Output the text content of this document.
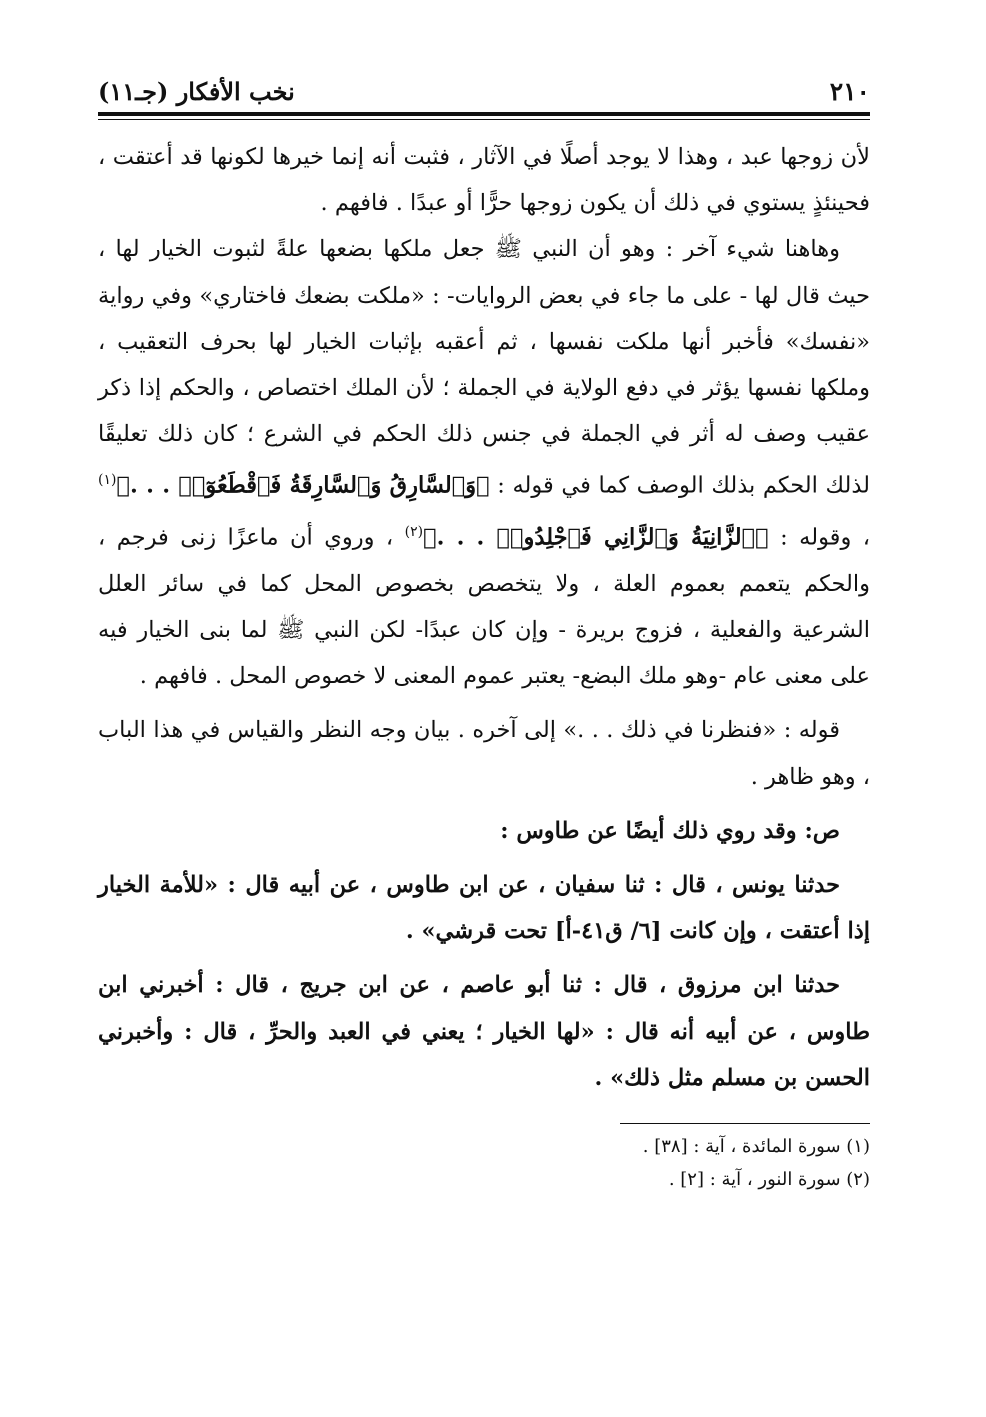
٢١٠
نخب الأفكار (جـ١١)

لأن زوجها عبد ، وهذا لا يوجد أصلًا في الآثار ، فثبت أنه إنما خيرها لكونها قد أعتقت ، فحينئذٍ يستوي في ذلك أن يكون زوجها حرًّا أو عبدًا . فافهم .

وهاهنا شيء آخر : وهو أن النبي ﷺ جعل ملكها بضعها علةً لثبوت الخيار لها ، حيث قال لها - على ما جاء في بعض الروايات- : «ملكت بضعك فاختاري» وفي رواية «نفسك» فأخبر أنها ملكت نفسها ، ثم أعقبه بإثبات الخيار لها بحرف التعقيب ، وملكها نفسها يؤثر في دفع الولاية في الجملة ؛ لأن الملك اختصاص ، والحكم إذا ذكر عقيب وصف له أثر في الجملة في جنس ذلك الحكم في الشرع ؛ كان ذلك تعليقًا لذلك الحكم بذلك الوصف كما في قوله : ﴿وَٱلسَّارِقُ وَٱلسَّارِقَةُ فَٱقْطَعُوٓا۟ . . .﴾$^{(١)}$ ، وقوله : ﴿ٱلزَّانِيَةُ وَٱلزَّانِي فَٱجْلِدُوا۟ . . .﴾$^{(٢)}$ ، وروي أن ماعزًا زنى فرجم ، والحكم يتعمم بعموم العلة ، ولا يتخصص بخصوص المحل كما في سائر العلل الشرعية والفعلية ، فزوج بريرة - وإن كان عبدًا- لكن النبي ﷺ لما بنى الخيار فيه على معنى عام -وهو ملك البضع- يعتبر عموم المعنى لا خصوص المحل . فافهم .

قوله : «فنظرنا في ذلك . . .» إلى آخره . بيان وجه النظر والقياس في هذا الباب ، وهو ظاهر .

ص: وقد روي ذلك أيضًا عن طاوس :

حدثنا يونس ، قال : ثنا سفيان ، عن ابن طاوس ، عن أبيه قال : «للأمة الخيار إذا أعتقت ، وإن كانت [٦/ ق٤١-أ] تحت قرشي» .

حدثنا ابن مرزوق ، قال : ثنا أبو عاصم ، عن ابن جريج ، قال : أخبرني ابن طاوس ، عن أبيه أنه قال : «لها الخيار ؛ يعني في العبد والحرِّ ، قال : وأخبرني الحسن بن مسلم مثل ذلك» .

(١) سورة المائدة ، آية : [٣٨] .
(٢) سورة النور ، آية : [٢] .
